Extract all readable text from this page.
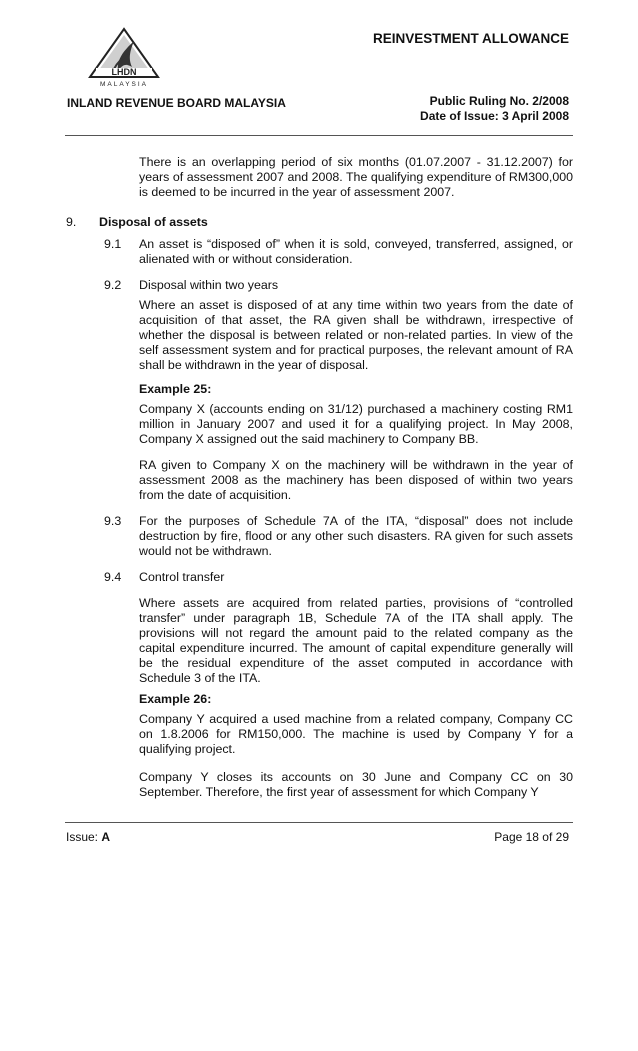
REINVESTMENT ALLOWANCE
LHDN
MALAYSIA
INLAND REVENUE BOARD MALAYSIA	Public Ruling No. 2/2008
Date of Issue: 3 April 2008
There is an overlapping period of six months (01.07.2007 - 31.12.2007) for years of assessment 2007 and 2008. The qualifying expenditure of RM300,000 is deemed to be incurred in the year of assessment 2007.
9. Disposal of assets
9.1 An asset is “disposed of” when it is sold, conveyed, transferred, assigned, or alienated with or without consideration.
9.2 Disposal within two years
Where an asset is disposed of at any time within two years from the date of acquisition of that asset, the RA given shall be withdrawn, irrespective of whether the disposal is between related or non-related parties. In view of the self assessment system and for practical purposes, the relevant amount of RA shall be withdrawn in the year of disposal.
Example 25:
Company X (accounts ending on 31/12) purchased a machinery costing RM1 million in January 2007 and used it for a qualifying project. In May 2008, Company X assigned out the said machinery to Company BB.
RA given to Company X on the machinery will be withdrawn in the year of assessment 2008 as the machinery has been disposed of within two years from the date of acquisition.
9.3 For the purposes of Schedule 7A of the ITA, “disposal” does not include destruction by fire, flood or any other such disasters. RA given for such assets would not be withdrawn.
9.4 Control transfer
Where assets are acquired from related parties, provisions of “controlled transfer” under paragraph 1B, Schedule 7A of the ITA shall apply. The provisions will not regard the amount paid to the related company as the capital expenditure incurred. The amount of capital expenditure generally will be the residual expenditure of the asset computed in accordance with Schedule 3 of the ITA.
Example 26:
Company Y acquired a used machine from a related company, Company CC on 1.8.2006 for RM150,000. The machine is used by Company Y for a qualifying project.
Company Y closes its accounts on 30 June and Company CC on 30 September. Therefore, the first year of assessment for which Company Y
Issue: A	Page 18 of 29
